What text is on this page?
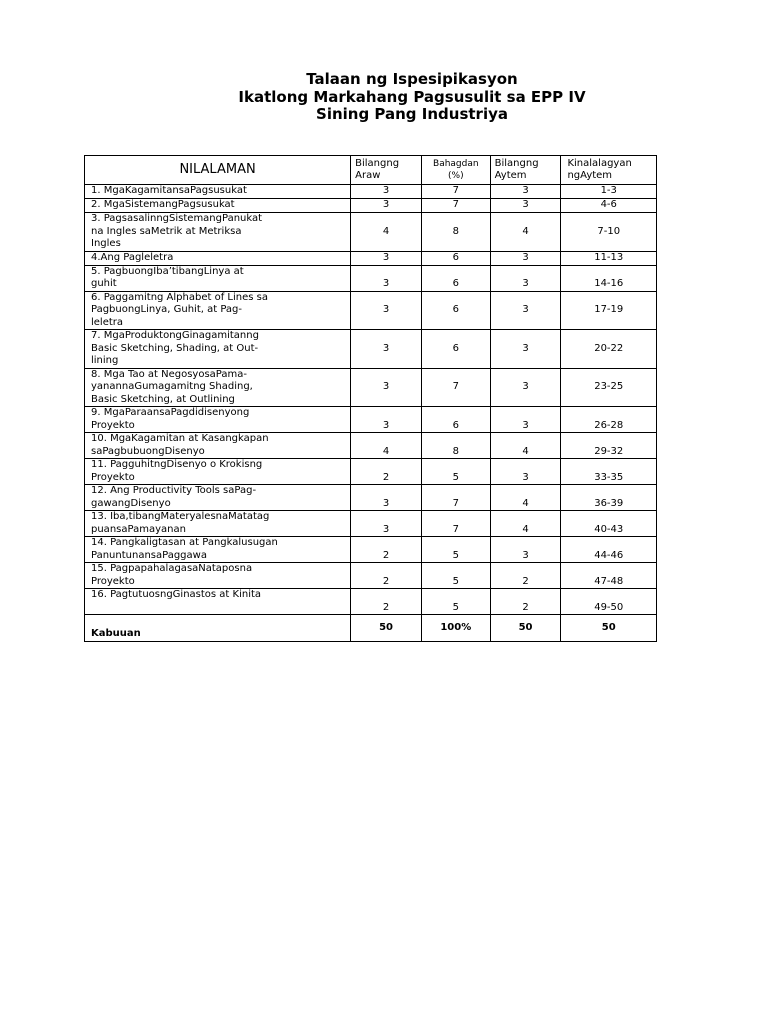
Talaan ng Ispesipikasyon
Ikatlong Markahang Pagsusulit sa EPP IV
Sining Pang Industriya
NILALAMAN	Bilangng Araw	Bahagdan (%)	Bilangng Aytem	Kinalalagyan ngAytem

1. MgaKagamitansaPagsusukat	3	7	3	1-3

2. MgaSistemangPagsusukat	3	7	3	4-6

3. PagsasalinngSistemangPanukat
na Ingles saMetrik at Metriksa
Ingles	4	8	4	7-10

4.Ang Pagleletra	3	6	3	11-13

5. PagbuongIba’tibangLinya at
guhit	3	6	3	14-16

6. Paggamitng Alphabet of Lines sa
PagbuongLinya, Guhit, at Pag-
leletra	3	6	3	17-19

7. MgaProduktongGinagamitanng
Basic Sketching, Shading, at Out-
lining	3	6	3	20-22

8. Mga Tao at NegosyosaPama-
yanannaGumagamitng Shading,
Basic Sketching, at Outlining	3	7	3	23-25

9. MgaParaansaPagdidisenyong
Proyekto	3	6	3	26-28

10. MgaKagamitan at Kasangkapan
saPagbubuongDisenyo	4	8	4	29-32

11. PagguhitngDisenyo o Krokisng
Proyekto	2	5	3	33-35

12. Ang Productivity Tools saPag-
gawangDisenyo	3	7	4	36-39

13. Iba,tibangMateryalesnaMatatag
puansaPamayanan	3	7	4	40-43

14. Pangkaligtasan at Pangkalusugan
PanuntunansaPaggawa	2	5	3	44-46

15. PagpapahalagasaNataposna
Proyekto	2	5	2	47-48

16. PagtutuosngGinastos at Kinita	2	5	2	49-50
Kabuuan	50	100%	50	50
